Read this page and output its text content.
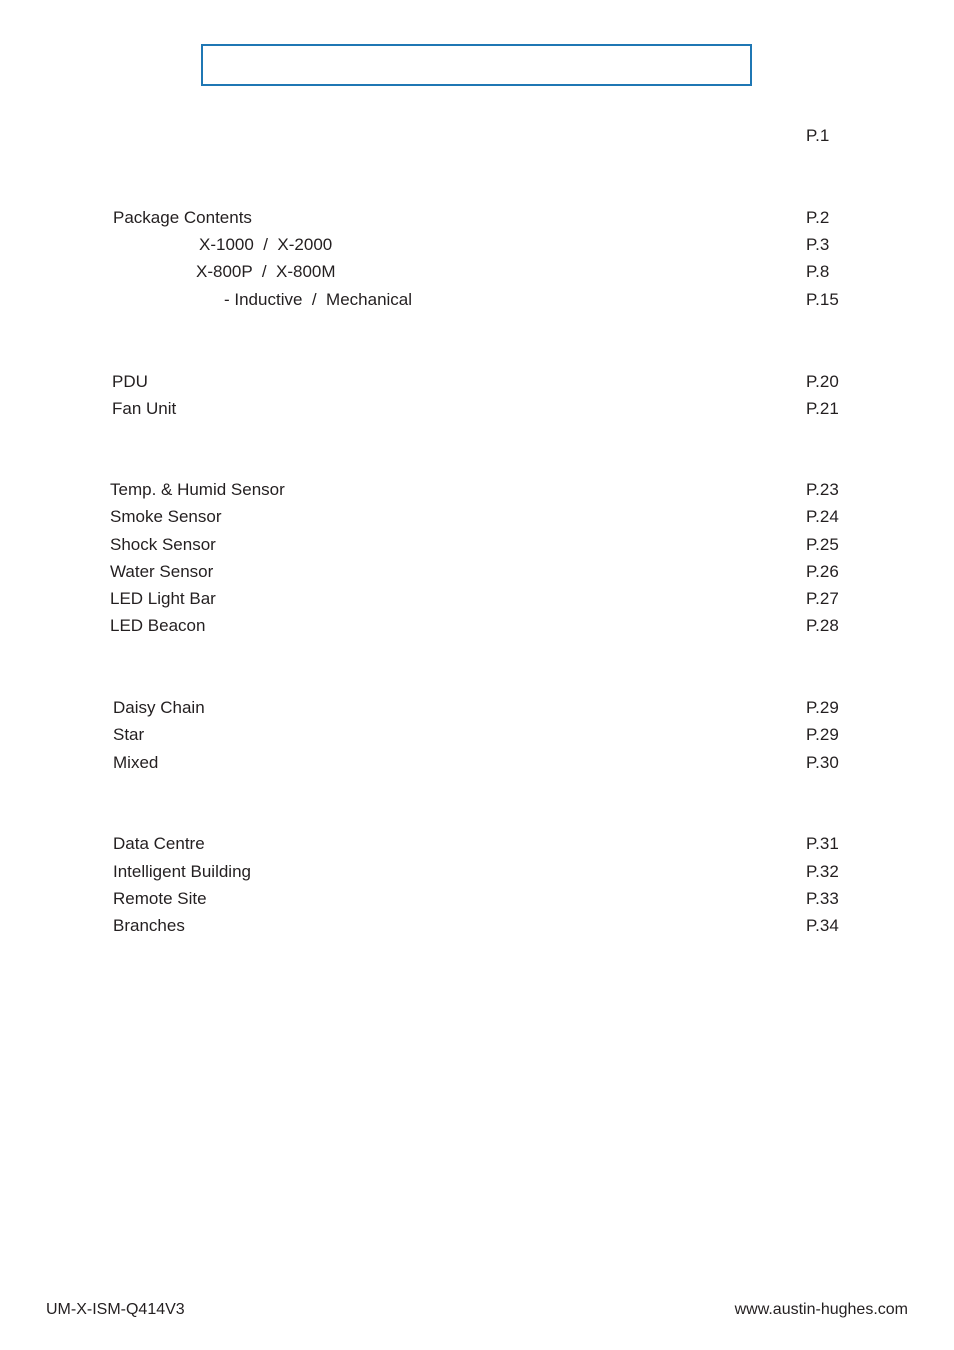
P.1
Package Contents	P.2
X-1000  /  X-2000	P.3
X-800P  /  X-800M	P.8
- Inductive  /  Mechanical	P.15
PDU	P.20
Fan Unit	P.21
Temp. & Humid Sensor	P.23
Smoke Sensor	P.24
Shock Sensor	P.25
Water Sensor	P.26
LED Light Bar	P.27
LED Beacon	P.28
Daisy Chain	P.29
Star	P.29
Mixed	P.30
Data Centre	P.31
Intelligent Building	P.32
Remote Site	P.33
Branches	P.34
UM-X-ISM-Q414V3	www.austin-hughes.com
